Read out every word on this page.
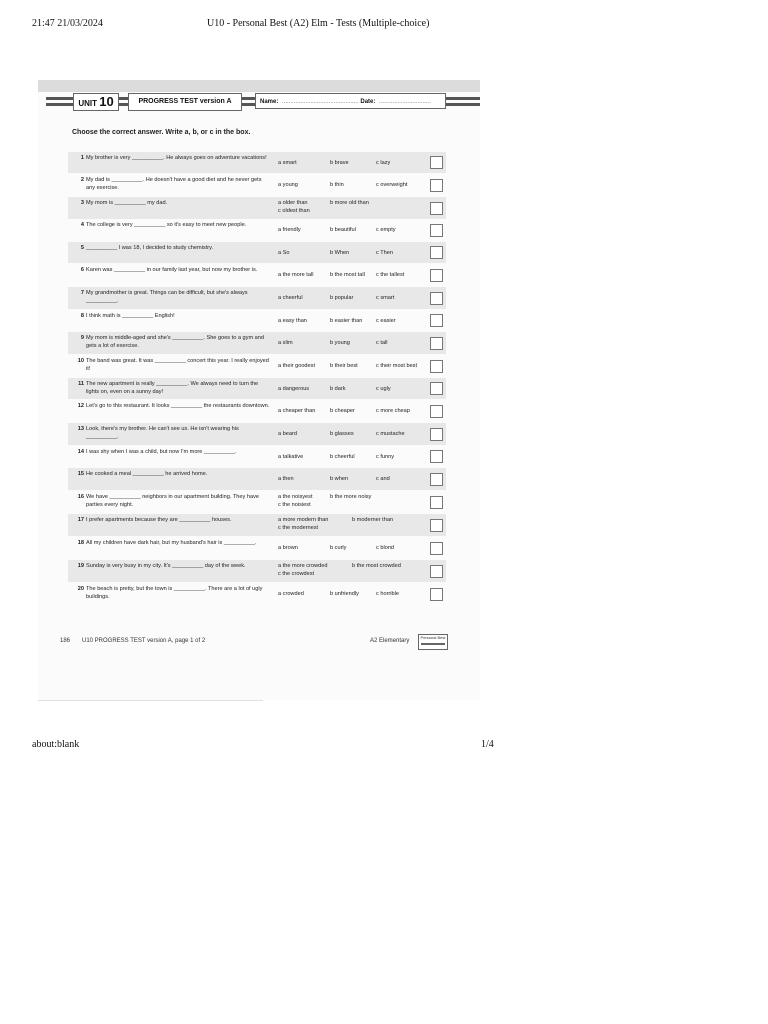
21:47 21/03/2024	U10 - Personal Best (A2) Elm - Tests (Multiple-choice)
UNIT 10	PROGRESS TEST version A	Name: .............................................. Date: ...............................
Choose the correct answer. Write a, b, or c in the box.
1 My brother is very __________. He always goes on adventure vacations!
a smart	b brave	c lazy
2 My dad is __________. He doesn't have a good diet and he never gets any exercise.	a young	b thin	c overweight
3 My mom is __________ my dad.	a older than	b more old than
c oldest than
4 The college is very __________ so it's easy to meet new people.
a friendly	b beautiful	c empty
5 __________ I was 18, I decided to study chemistry.
a So	b When	c Then
6 Karen was __________ in our family last year, but now my brother is.
a the more tall	b the most tall c the tallest
7 My grandmother is great. Things can be difficult, but she's always __________.	a cheerful	b popular	c smart
8 I think math is __________ English!
a easy than	b easier than c easier
9 My mom is middle-aged and she's __________. She goes to a gym and gets a lot of exercise.	a slim	b young	c tall
10 The band was great. It was __________ concert this year. I really enjoyed it!	a their goodest	b their best	c their most best
11 The new apartment is really __________. We always need to turn the lights on, even on a sunny day!	a dangerous	b dark	c ugly
12 Let's go to this restaurant. It looks __________ the restaurants downtown.
a cheaper than	b cheaper	c more cheap
13 Look, there's my brother. He can't see us. He isn't wearing his __________.	a beard	b glasses	c mustache
14 I was shy when I was a child, but now I'm more __________.
a talkative	b cheerful	c funny
15 He cooked a meal __________ he arrived home.
a then	b when	c and
16 We have __________ neighbors in our apartment building. They have parties every night.
a the noisyest	b the more noisy
c the noisiest
17 I prefer apartments because they are __________ houses.	a more modern than	b moderner than
c the modernest
18 All my children have dark hair, but my husband's hair is __________.
a brown	b curly	c blond
19 Sunday is very busy in my city. It's __________ day of the week.	a the more crowded	b the most crowded
c the crowdest
20 The beach is pretty, but the town is __________. There are a lot of ugly buildings.	a crowded	b unfriendly	c horrible
186 U10 PROGRESS TEST version A, page 1 of 2	A2 Elementary
Personal Best
about:blank	1/4
